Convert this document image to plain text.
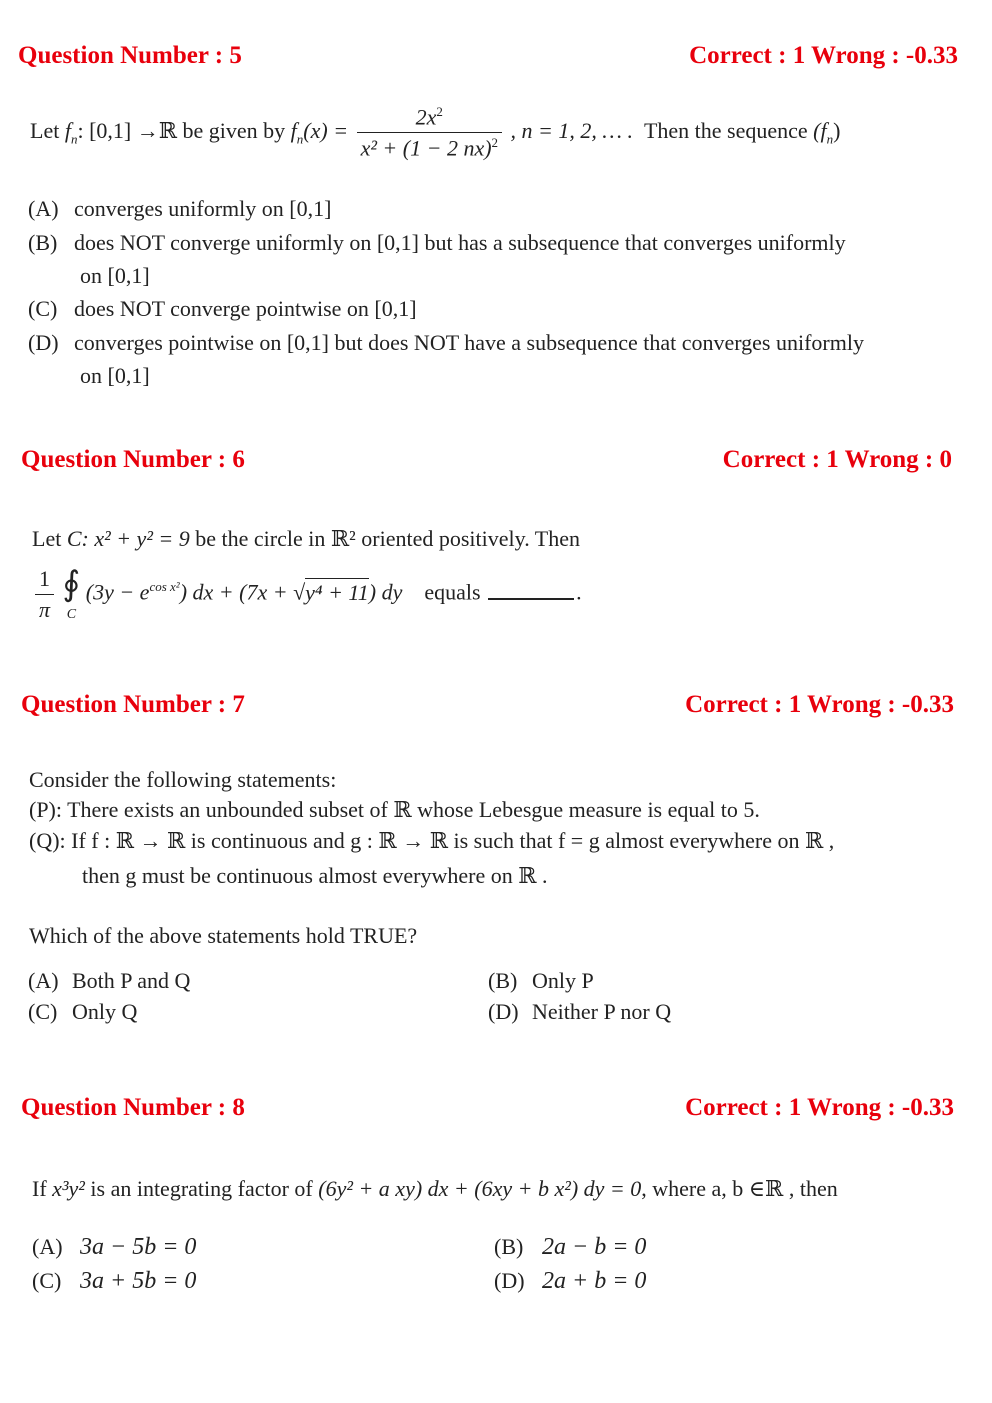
Question Number : 5	Correct : 1 Wrong : -0.33
Let $f_n$: [0,1] →ℝ be given by $f_n(x) = \frac{2x^2}{x^2 + (1 - 2 nx)^2}$ , n = 1, 2, … . Then the sequence $(f_n)$
(A) converges uniformly on [0,1]
(B) does NOT converge uniformly on [0,1] but has a subsequence that converges uniformly
on [0,1]
(C) does NOT converge pointwise on [0,1]
(D) converges pointwise on [0,1] but does NOT have a subsequence that converges uniformly
on [0,1]
Question Number : 6	Correct : 1 Wrong : 0
Let C: x² + y² = 9 be the circle in ℝ² oriented positively. Then
$\frac{1}{\pi}$
∮
C
$(3y - e^{cos x^2})$ dx + (7x + √y⁴ + 11) dy equals	.
Question Number : 7	Correct : 1 Wrong : -0.33
Consider the following statements:
(P): There exists an unbounded subset of ℝ whose Lebesgue measure is equal to 5.
(Q): If f : ℝ → ℝ is continuous and g : ℝ → ℝ is such that f = g almost everywhere on ℝ ,
then g must be continuous almost everywhere on ℝ .
Which of the above statements hold TRUE?
(A) Both P and Q	(B) Only P
(C) Only Q	(D) Neither P nor Q
Question Number : 8	Correct : 1 Wrong : -0.33
If x³y² is an integrating factor of (6y² + a xy) dx + (6xy + b x²) dy = 0, where a, b ∈ℝ , then
(A) 3a − 5b = 0	(B) 2a − b = 0
(C) 3a + 5b = 0	(D) 2a + b = 0
